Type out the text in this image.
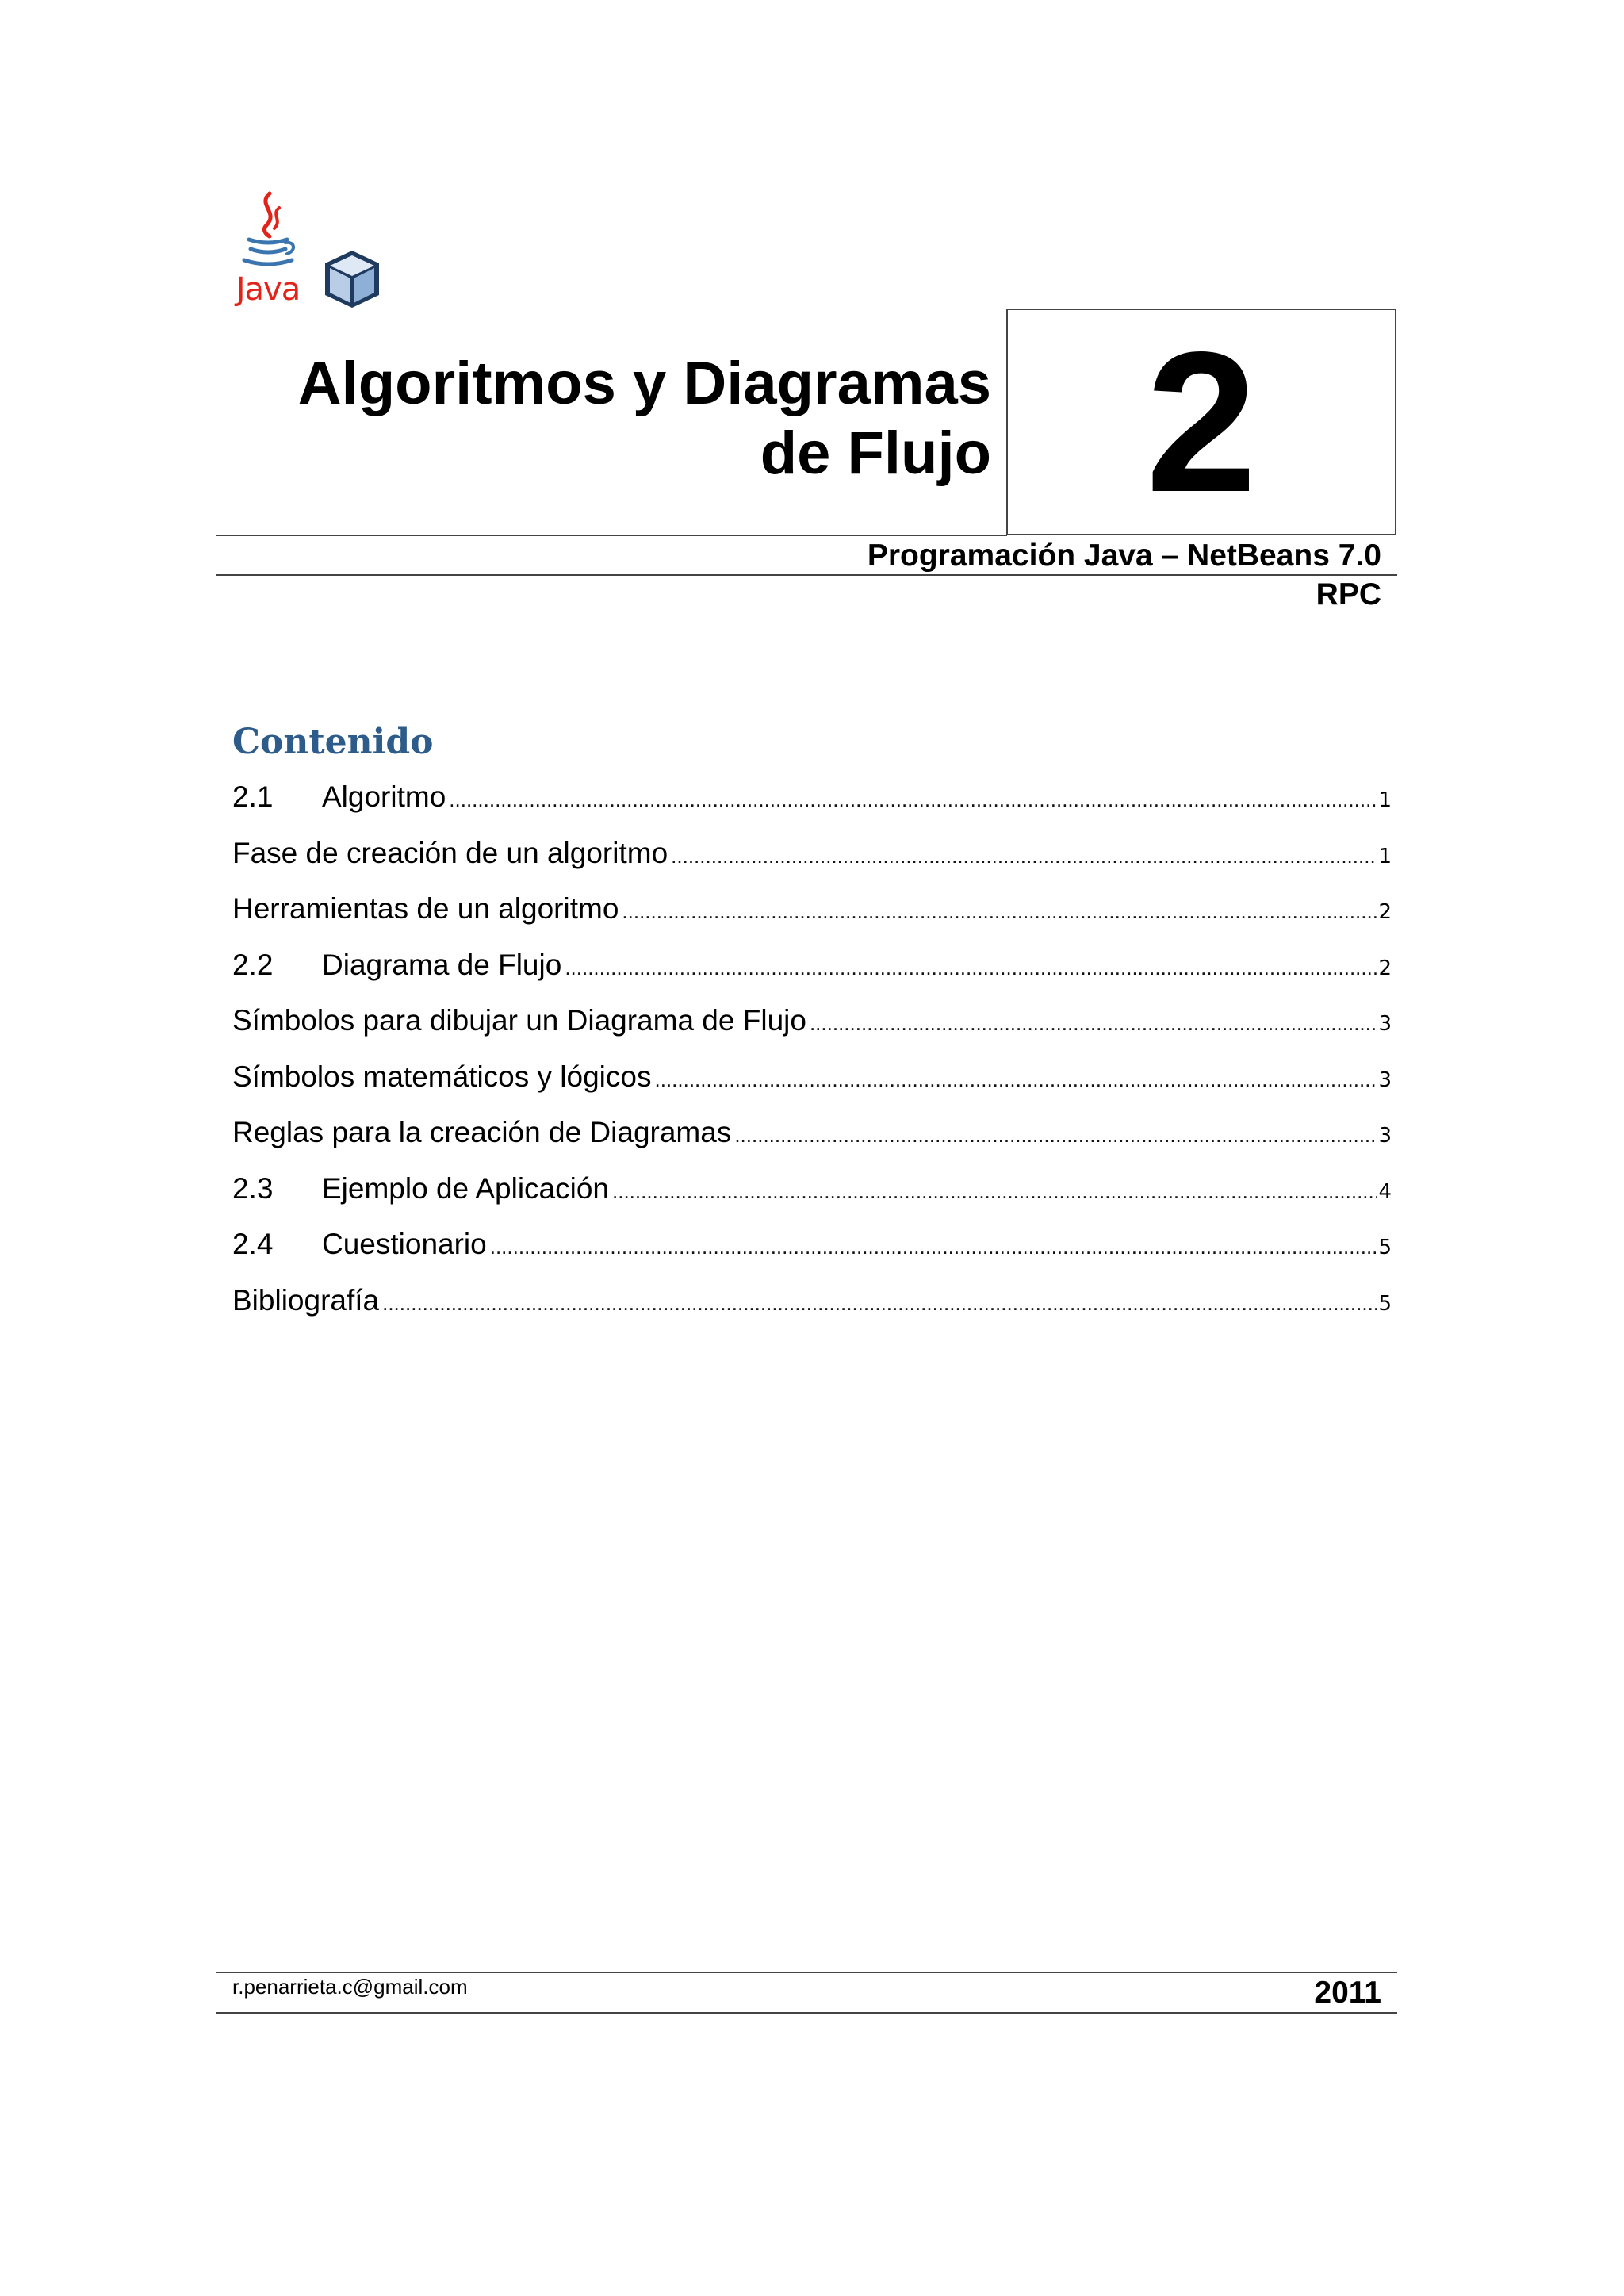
Java
Algoritmos y Diagramas
de Flujo 2
Programación Java – NetBeans 7.0
RPC
Contenido
2.1	Algoritmo .....	1
Fase de creación de un algoritmo .....	1
Herramientas de un algoritmo .....	2
2.2	Diagrama de Flujo .....	2
Símbolos para dibujar un Diagrama de Flujo .....	3
Símbolos matemáticos y lógicos .....	3
Reglas para la creación de Diagramas .....	3
2.3	Ejemplo de Aplicación .....	4
2.4	Cuestionario .....	5
Bibliografía .....	5
r.penarrieta.c@gmail.com	2011
